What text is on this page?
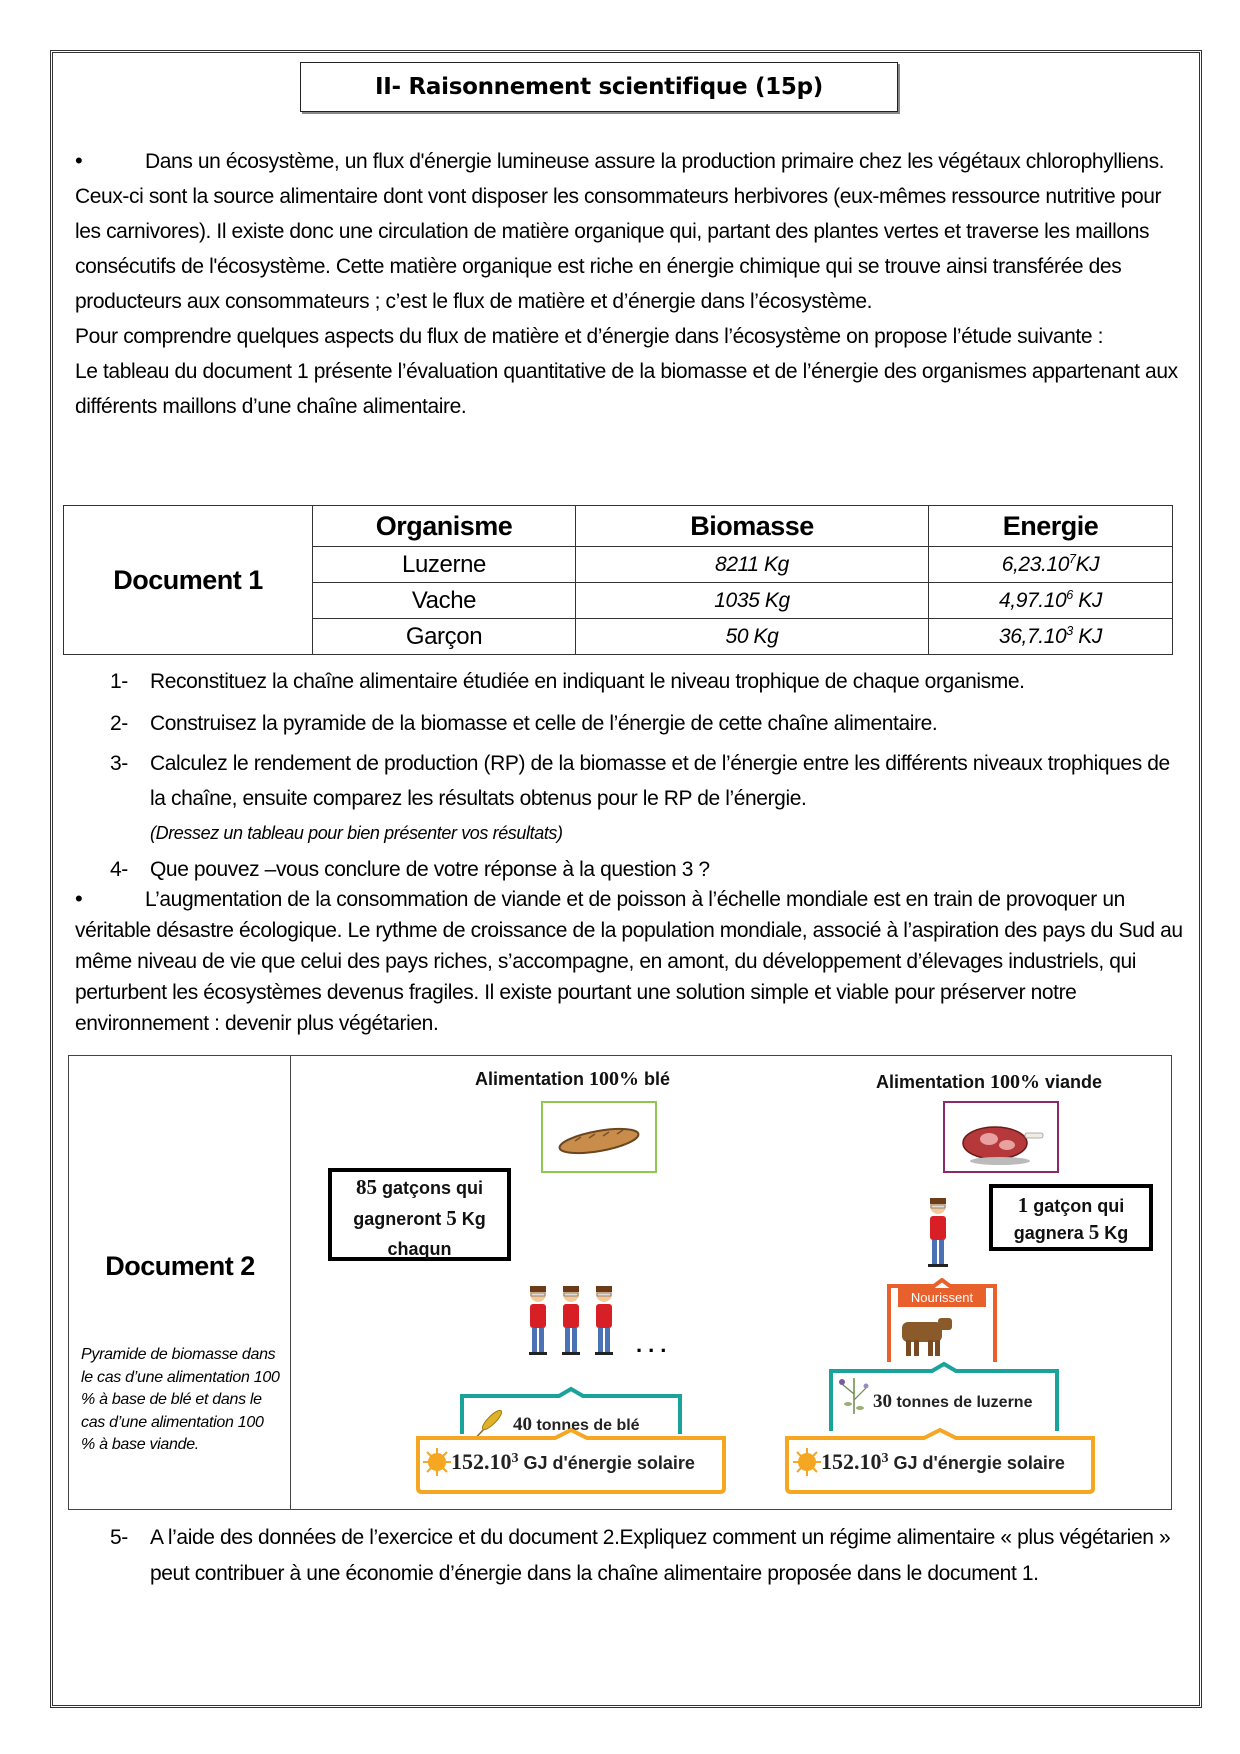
II- Raisonnement scientifique (15p)

•Dans un écosystème, un flux d'énergie lumineuse assure la production primaire chez les végétaux chlorophylliens. Ceux-ci sont la source alimentaire dont vont disposer les consommateurs herbivores (eux-mêmes ressource nutritive pour les carnivores). Il existe donc une circulation de matière organique qui, partant des plantes vertes et traverse les maillons consécutifs de l'écosystème. Cette matière organique est riche en énergie chimique qui se trouve ainsi transférée des producteurs aux consommateurs ; c’est le flux de matière et d’énergie dans l’écosystème.

Pour comprendre quelques aspects du flux de matière et d’énergie dans l’écosystème on propose l’étude suivante :

Le tableau du document 1 présente l’évaluation quantitative de la biomasse et de l’énergie des organismes appartenant aux différents maillons d’une chaîne alimentaire.

Document 1	Organisme	Biomasse	Energie
	Luzerne	8211 Kg	6,23.10$^7$KJ
	Vache	1035 Kg	4,97.10$^6$ KJ
	Garçon	50 Kg	36,7.10$^3$ KJ
1-	Reconstituez la chaîne alimentaire étudiée en indiquant le niveau trophique de chaque organisme.
2-	Construisez la pyramide de la biomasse et celle de l’énergie de cette chaîne alimentaire.
3-	Calculez le rendement de production (RP) de la biomasse et de l’énergie entre les différents niveaux trophiques de la chaîne, ensuite comparez les résultats obtenus pour le RP de l’énergie.
(Dressez un tableau pour bien présenter vos résultats)
4-	Que pouvez –vous conclure de votre réponse à la question 3 ?

•L’augmentation de la consommation de viande et de poisson à l’échelle mondiale est en train de provoquer un véritable désastre écologique. Le rythme de croissance de la population mondiale, associé à l’aspiration des pays du Sud au même niveau de vie que celui des pays riches, s’accompagne, en amont, du développement d’élevages industriels, qui perturbent les écosystèmes devenus fragiles. Il existe pourtant une solution simple et viable pour préserver notre environnement : devenir plus végétarien.

Document 2
Pyramide de biomasse dans le cas d’une alimentation 100 % à base de blé et dans le cas d’une alimentation 100 % à base viande.
Alimentation 100% blé
85 gatçons qui
gagneront 5 Kg
chaqun
...
40 tonnes de blé
152.10$^3$ GJ d'énergie solaire
Alimentation 100% viande
1 gatçon qui
gagnera 5 Kg
Nourissent
30 tonnes de luzerne
152.10$^3$ GJ d'énergie solaire
5-	A l’aide des données de l’exercice et du document 2.Expliquez comment un régime alimentaire « plus végétarien » peut contribuer à une économie d’énergie dans la chaîne alimentaire proposée dans le document 1.
